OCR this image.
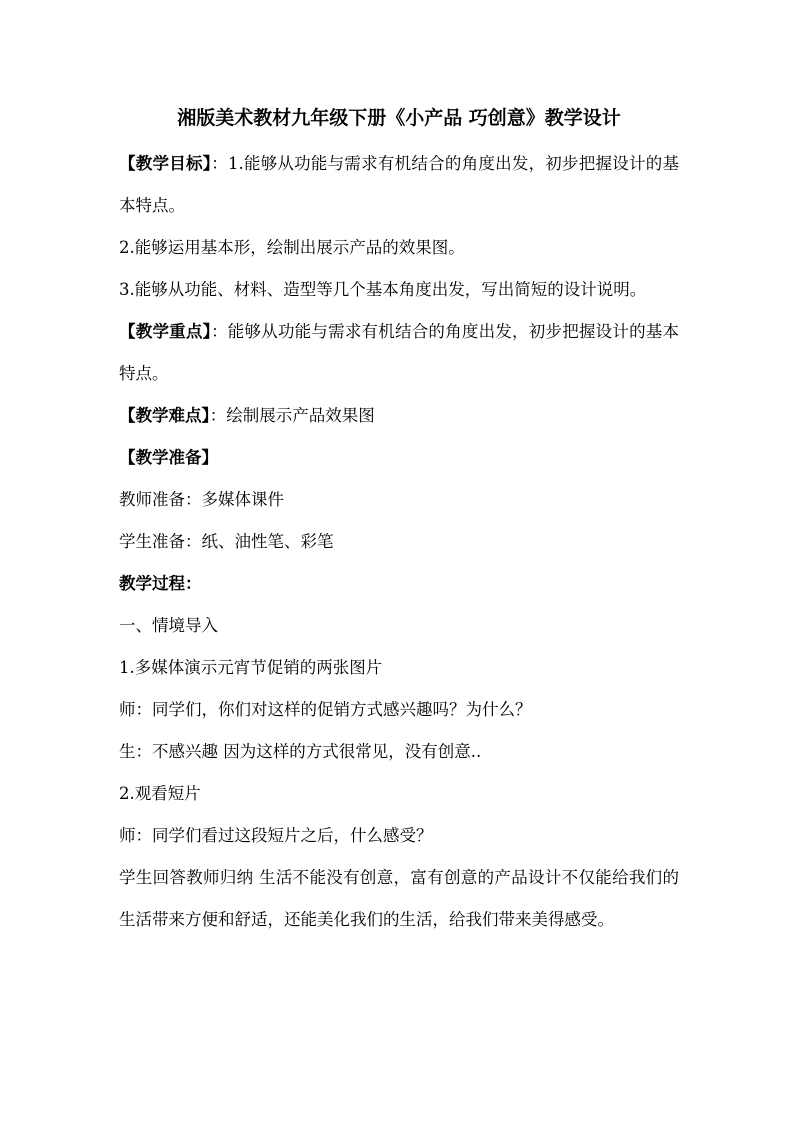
湘版美术教材九年级下册《小产品 巧创意》教学设计

【教学目标】：1.能够从功能与需求有机结合的角度出发，初步把握设计的基本特点。

2.能够运用基本形，绘制出展示产品的效果图。

3.能够从功能、材料、造型等几个基本角度出发，写出简短的设计说明。

【教学重点】：能够从功能与需求有机结合的角度出发，初步把握设计的基本特点。

【教学难点】：绘制展示产品效果图

【教学准备】

教师准备：多媒体课件

学生准备：纸、油性笔、彩笔

教学过程：

一、情境导入

1.多媒体演示元宵节促销的两张图片

师：同学们，你们对这样的促销方式感兴趣吗？为什么？

生：不感兴趣 因为这样的方式很常见，没有创意..

2.观看短片

师：同学们看过这段短片之后，什么感受？

学生回答教师归纳 生活不能没有创意，富有创意的产品设计不仅能给我们的生活带来方便和舒适，还能美化我们的生活，给我们带来美得感受。
